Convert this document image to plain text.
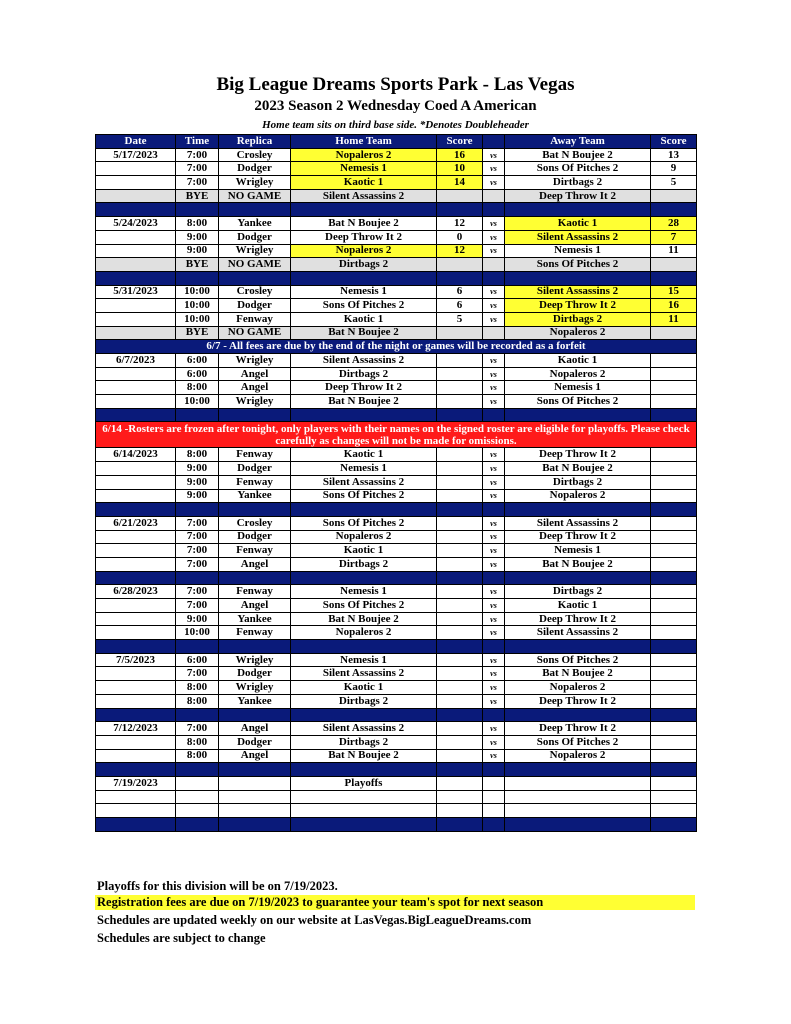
Big League Dreams Sports Park - Las Vegas
2023 Season 2 Wednesday Coed A American
Home team sits on third base side. *Denotes Doubleheader
Date	Time	Replica	Home Team	Score		Away Team	Score
5/17/2023	7:00	Crosley	Nopaleros 2	16	vs	Bat N Boujee 2	13
	7:00	Dodger	Nemesis 1	10	vs	Sons Of Pitches 2	9
	7:00	Wrigley	Kaotic 1	14	vs	Dirtbags 2	5
	BYE	NO GAME	Silent Assassins 2			Deep Throw It 2	

5/24/2023	8:00	Yankee	Bat N Boujee 2	12	vs	Kaotic 1	28
	9:00	Dodger	Deep Throw It 2	0	vs	Silent Assassins 2	7
	9:00	Wrigley	Nopaleros 2	12	vs	Nemesis 1	11
	BYE	NO GAME	Dirtbags 2			Sons Of Pitches 2	

5/31/2023	10:00	Crosley	Nemesis 1	6	vs	Silent Assassins 2	15
	10:00	Dodger	Sons Of Pitches 2	6	vs	Deep Throw It 2	16
	10:00	Fenway	Kaotic 1	5	vs	Dirtbags 2	11
	BYE	NO GAME	Bat N Boujee 2			Nopaleros 2	
6/7 - All fees are due by the end of the night or games will be recorded as a forfeit							
6/7/2023	6:00	Wrigley	Silent Assassins 2		vs	Kaotic 1	
	6:00	Angel	Dirtbags 2		vs	Nopaleros 2	
	8:00	Angel	Deep Throw It 2		vs	Nemesis 1	
	10:00	Wrigley	Bat N Boujee 2		vs	Sons Of Pitches 2	

6/14 -Rosters are frozen after tonight, only players with their names on the signed roster are eligible for playoffs. Please check carefully as changes will not be made for omissions.							
6/14/2023	8:00	Fenway	Kaotic 1		vs	Deep Throw It 2	
	9:00	Dodger	Nemesis 1		vs	Bat N Boujee 2	
	9:00	Fenway	Silent Assassins 2		vs	Dirtbags 2	
	9:00	Yankee	Sons Of Pitches 2		vs	Nopaleros 2	

6/21/2023	7:00	Crosley	Sons Of Pitches 2		vs	Silent Assassins 2	
	7:00	Dodger	Nopaleros 2		vs	Deep Throw It 2	
	7:00	Fenway	Kaotic 1		vs	Nemesis 1	
	7:00	Angel	Dirtbags 2		vs	Bat N Boujee 2	

6/28/2023	7:00	Fenway	Nemesis 1		vs	Dirtbags 2	
	7:00	Angel	Sons Of Pitches 2		vs	Kaotic 1	
	9:00	Yankee	Bat N Boujee 2		vs	Deep Throw It 2	
	10:00	Fenway	Nopaleros 2		vs	Silent Assassins 2	

7/5/2023	6:00	Wrigley	Nemesis 1		vs	Sons Of Pitches 2	
	7:00	Dodger	Silent Assassins 2		vs	Bat N Boujee 2	
	8:00	Wrigley	Kaotic 1		vs	Nopaleros 2	
	8:00	Yankee	Dirtbags 2		vs	Deep Throw It 2	

7/12/2023	7:00	Angel	Silent Assassins 2		vs	Deep Throw It 2	
	8:00	Dodger	Dirtbags 2		vs	Sons Of Pitches 2	
	8:00	Angel	Bat N Boujee 2		vs	Nopaleros 2	

7/19/2023			Playoffs				

Playoffs for this division will be on 7/19/2023.
Registration fees are due on 7/19/2023 to guarantee your team's spot for next season
Schedules are updated weekly on our website at LasVegas.BigLeagueDreams.com
Schedules are subject to change
